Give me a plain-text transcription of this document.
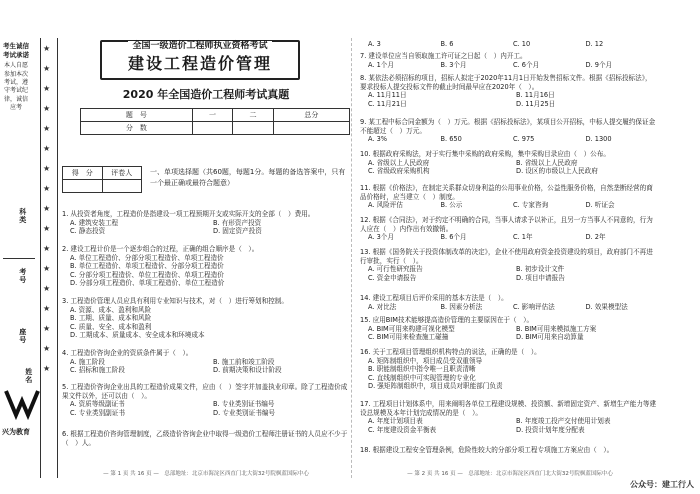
考生诚信考试承诺
本人自愿参加本次考试，遵守考试纪律，诚信应考
考号
座号
姓名
科类
★
★
★
★
★
★
★
★
★
★
★
★
★
★
★
★
★
兴为教育
全国一级造价工程师执业资格考试
建设工程造价管理
2020 年全国造价工程师考试真题
题　号	一	二	总分
分　数			
得　分	评卷人
		一、单项选择题（共60题，每题1分。每题的备选答案中，只有一个最正确或最符合题意）
1. 从投资者角度，工程造价是指建设一项工程预期开支或实际开支的全部（　）费用。
A. 建筑安装工程	B. 有形资产投资
C. 静态投资	D. 固定资产投资
2. 建设工程计价是一个逐步组合的过程，正确的组合顺序是（　）。
A. 单位工程造价、分部分项工程造价、单项工程造价
B. 单位工程造价、单项工程造价、分部分项工程造价
C. 分部分项工程造价、单位工程造价、单项工程造价
D. 分部分项工程造价、单项工程造价、单位工程造价
3. 工程造价管理人员应具有利用专业知识与技术，对（　）进行筹划和控制。
A. 资源、成本、盈利和风险
B. 工期、质量、成本和风险
C. 质量、安全、成本和盈利
D. 工期成本、质量成本、安全成本和环境成本
4. 工程造价咨询企业的资质条件属于（　）。
A. 施工阶段	B. 施工前和竣工阶段
C. 招标和施工阶段	D. 前期决策和设计阶段
5. 工程造价咨询企业出具的工程造价成果文件，应由（　）签字并加盖执业印章。除了工程造价成果文件以外，还可以由（　）。
A. 资质等级副证书	B. 专业类别证书编号
C. 专业类别副证书	D. 专业类别证书编号
6. 根据工程造价咨询管理制度，乙级造价咨询企业中取得一级造价工程师注册证书的人员应不少于（　）人。
— 第 1 页 共 16 页 —　总部地址：北京市海淀区西直门北大街32号院枫蓝国际中心
A. 3	B. 6	C. 10	D. 12
7. 建设单位应当自领取施工许可证之日起（　）内开工。
A. 1个月	B. 3个月	C. 6个月	D. 9个月
8. 某依法必须招标的项目，招标人拟定于2020年11月1日开始发售招标文件。根据《招标投标法》，要求投标人提交投标文件的截止时间最早应在2020年（　）。
A. 11月11日	B. 11月16日
C. 11月21日	D. 11月25日
9. 某工程中标合同金额为（　）万元。根据《招标投标法》，某项目公开招标，中标人提交履约保证金不能超过（　）万元。
A. 3%	B. 650	C. 975	D. 1300
10. 根据政府采购法，对于实行集中采购的政府采购，集中采购目录应由（　）公布。
A. 省级以上人民政府	B. 省级以上人民政府
C. 省级政府采购机构	D. 设区的市级以上人民政府
11. 根据《价格法》，在制定关系群众切身利益的公用事业价格，公益性服务价格，自然垄断经营的商品价格时，应当建立（　）制度。
A. 风险评估	B. 公示	C. 专家咨询	D. 听证会
12. 根据《合同法》，对于约定不明确的合同，当事人请求予以补正，且另一方当事人不同意的，行为人应在（　）内作出有效撤销。
A. 3个月	B. 6个月	C. 1年	D. 2年
13. 根据《国务院关于投资体制改革的决定》，企业不使用政府资金投资建设的项目，政府部门不再进行审批，实行（　）。
A. 可行性研究报告	B. 初步设计文件
C. 资金申请报告	D. 项目申请报告
14. 建设工程项目后评价采用的基本方法是（　）。
A. 对比法	B. 因素分析法	C. 影响评估法	D. 效果模型法
15. 应用BIM技术能够提高造价管理的主要原因在于（　）。
A. BIM可用来构建可视化模型	B. BIM可用来模拟施工方案
C. BIM可用来检查施工碰撞	D. BIM可用来自动算量
16. 关于工程项目管理组织机构特点的说法，正确的是（　）。
A. 矩阵制组织中，项目成员受双重领导
B. 职能制组织中指令唯一且职责清晰
C. 直线制组织中可实现管理的专业化
D. 强矩阵制组织中，项目成员对职能部门负责
17. 工程项目计划体系中，用来阐明各单位工程建设规模、投资额、新增固定资产、新增生产能力等建设总规模及本年计划完成情况的是（　）。
A. 年度计划项目表	B. 年度竣工投产交付使用计划表
C. 年度建设资金平衡表	D. 投资计划年度分配表
18. 根据建设工程安全管理条例，危险性较大的分部分项工程专项施工方案应由（　）。
— 第 2 页 共 16 页 —　总部地址：北京市海淀区西直门北大街32号院枫蓝国际中心
公众号：建工行人
